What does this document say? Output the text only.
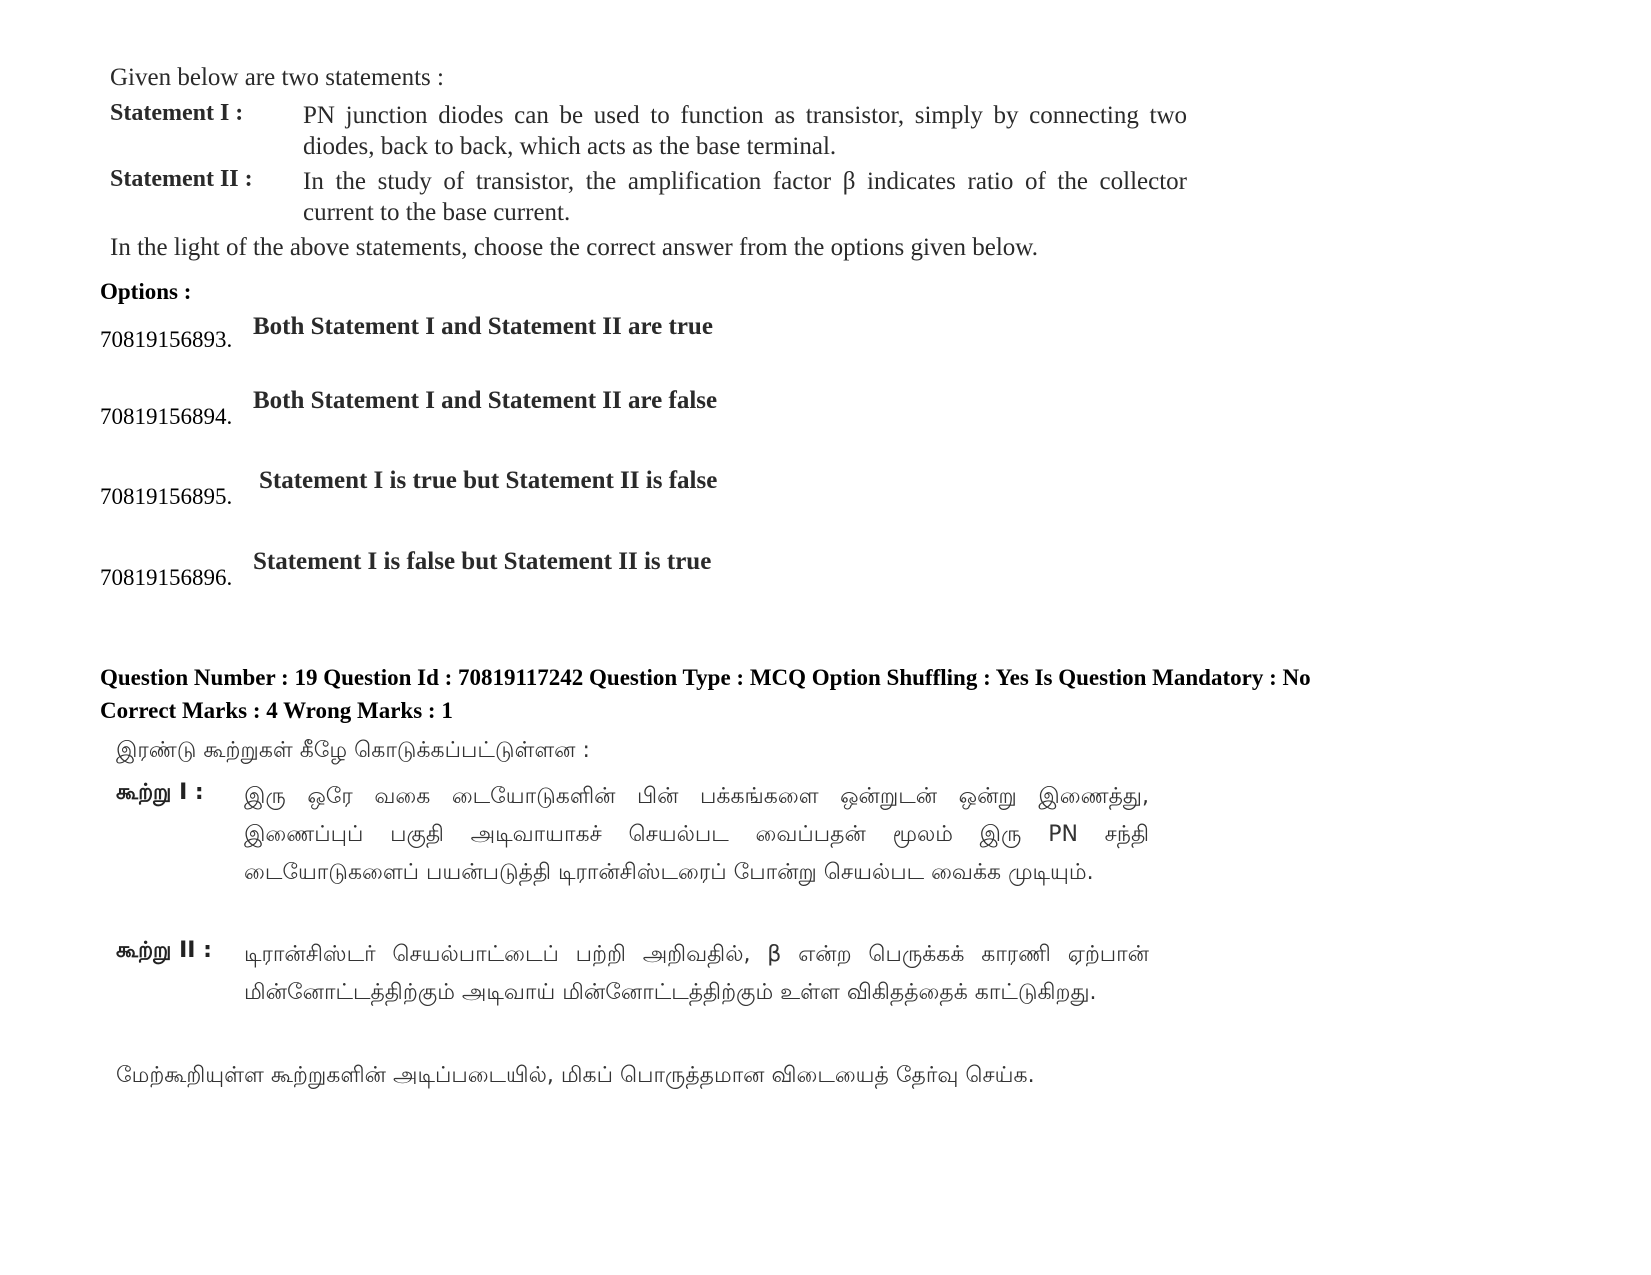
Given below are two statements :
Statement I : PN junction diodes can be used to function as transistor, simply by connecting two diodes, back to back, which acts as the base terminal.
Statement II : In the study of transistor, the amplification factor β indicates ratio of the collector current to the base current.
In the light of the above statements, choose the correct answer from the options given below.
Options :
70819156893. Both Statement I and Statement II are true
70819156894.
Both Statement I and Statement II are false
70819156895.
Statement I is true but Statement II is false
70819156896.
Statement I is false but Statement II is true
Question Number : 19 Question Id : 70819117242 Question Type : MCQ Option Shuffling : Yes Is Question Mandatory : No
Correct Marks : 4 Wrong Marks : 1
இரண்டு கூற்றுகள் கீழே கொடுக்கப்பட்டுள்ளன :
கூற்று I : இரு ஒரே வகை டையோடுகளின் பின் பக்கங்களை ஒன்றுடன் ஒன்று இணைத்து, இணைப்புப் பகுதி அடிவாயாகச் செயல்பட வைப்பதன் மூலம் இரு PN சந்தி டையோடுகளைப் பயன்படுத்தி டிரான்சிஸ்டரைப் போன்று செயல்பட வைக்க முடியும்.
கூற்று II : டிரான்சிஸ்டர் செயல்பாட்டைப் பற்றி அறிவதில், β என்ற பெருக்கக் காரணி ஏற்பான் மின்னோட்டத்திற்கும் அடிவாய் மின்னோட்டத்திற்கும் உள்ள விகிதத்தைக் காட்டுகிறது.
மேற்கூறியுள்ள கூற்றுகளின் அடிப்படையில், மிகப் பொருத்தமான விடையைத் தேர்வு செய்க.
